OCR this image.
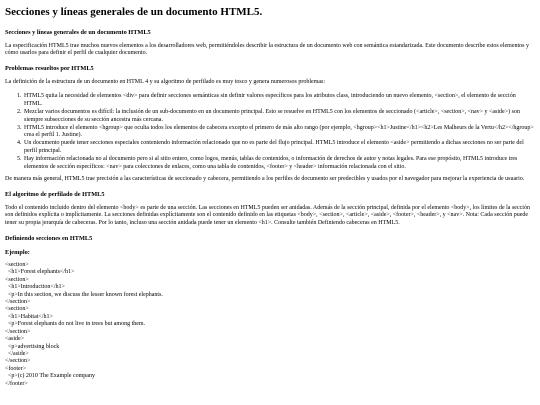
Secciones y líneas generales de un documento HTML5.
Secciones y líneas generales de un documento HTML5

La especificación HTML5 trae muchos nuevos elementos a los desarrolladores web, permitiéndoles describir la estructura de un documento web con semántica estandarizada. Este documento describe estos elementos y cómo usarlos para definir el perfil de cualquier documento.

Problemas resueltos por HTML5

La definición de la estructura de un documento en HTML 4 y su algoritmo de perfilado es muy tosco y genera numerosos problemas:

1. HTML5 quita la necesidad de elementos <div> para definir secciones semánticas sin definir valores específicos para los atributos class, introduciendo un nuevo elemento, <section>, el elemento de sección HTML.
2. Mezclar varios documentos es difícil: la inclusión de un sub-documento en un documento principal. Esto se resuelve en HTML5 con los elementos de seccionado (<article>, <section>, <nav> y <aside>) son siempre subsecciones de su sección ancestra más cercana.
3. HTML5 introduce el elemento <hgroup> que oculta todos los elementos de cabecera excepto el primero de más alto rango (por ejemplo, <hgroup><h1>Justine</h1><h2>Les Malheurs de la Vertu</h2></hgroup> crea el perfil 1. Justine).
4. Un documento puede tener secciones especiales conteniendo información relacionado que no es parte del flujo principal. HTML5 introduce el elemento <aside> permitiendo a dichas secciones no ser parte del perfil principal.
5. Hay información relacionada no al documento pero si al sitio entero, como logos, menús, tablas de contenidos, o información de derechos de autor y notas legales. Para ese propósito, HTML5 introduce tres elementos de sección específicos: <nav> para colecciones de enlaces, como una tabla de contenidos, <footer> y <header> información relacionada con el sitio.

De manera más general, HTML5 trae precisión a las características de seccionado y cabecera, permitiendo a los perfiles de documento ser predecibles y usados por el navegador para mejorar la experiencia de usuario.

El algoritmo de perfilado de HTML5

Todo el contenido incluido dentro del elemento <body> es parte de una sección. Las secciones en HTML5 pueden ser anidadas. Además de la sección principal, definida por el elemento <body>, los límites de la sección son definidos explícita o implícitamente. La secciones definidas explícitamente son el contenido definido en las etiquetas <body>, <section>, <article>, <aside>, <footer>, <header>, y <nav>. Nota: Cada sección puede tener su propia jerarquía de cabeceras. Por lo tanto, incluso una sección anidada puede tener un elemento <h1>. Consulte también Definiendo cabeceras en HTML5.

Definiendo secciones en HTML5
Ejemplo:
<section>
<h1>Forest elephants</h1>
<section>
<h1>Introduction</h1>
<p>In this section, we discuss the lesser known forest elephants.
</section>
<section>
<h1>Habitat</h1>
<p>Forest elephants do not live in trees but among them.
</section>
<aside>
<p>advertising block
</aside>
</section>
<footer>
<p>(c) 2010 The Example company
</footer>
